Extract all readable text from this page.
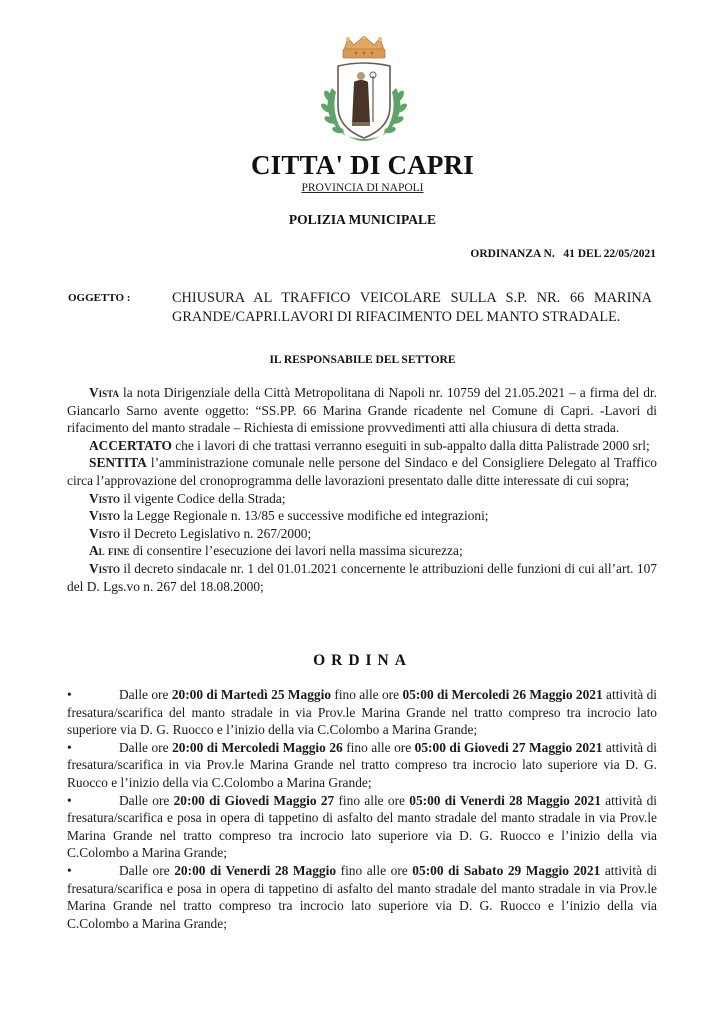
CITTA' DI CAPRI
PROVINCIA DI NAPOLI
POLIZIA MUNICIPALE
ORDINANZA N.   41 DEL 22/05/2021
OGGETTO :	CHIUSURA AL TRAFFICO VEICOLARE SULLA S.P. NR. 66 MARINA GRANDE/CAPRI.LAVORI DI RIFACIMENTO DEL MANTO STRADALE.
IL RESPONSABILE DEL SETTORE

Vista la nota Dirigenziale della Città Metropolitana di Napoli nr. 10759 del 21.05.2021 – a firma del dr. Giancarlo Sarno avente oggetto: “SS.PP. 66 Marina Grande ricadente nel Comune di Capri. -Lavori di rifacimento del manto stradale – Richiesta di emissione provvedimenti atti alla chiusura di detta strada.

ACCERTATO che i lavori di che trattasi verranno eseguiti in sub-appalto dalla ditta Palistrade 2000 srl;

SENTITA l’amministrazione comunale nelle persone del Sindaco e del Consigliere Delegato al Traffico circa l’approvazione del cronoprogramma delle lavorazioni presentato dalle ditte interessate di cui sopra;

Visto il vigente Codice della Strada;

Visto la Legge Regionale n. 13/85 e successive modifiche ed integrazioni;

Visto il Decreto Legislativo n. 267/2000;

Al fine di consentire l’esecuzione dei lavori nella massima sicurezza;

Visto il decreto sindacale nr. 1 del 01.01.2021 concernente le attribuzioni delle funzioni di cui all’art. 107 del D. Lgs.vo n. 267 del 18.08.2000;

ORDINA

•	Dalle ore 20:00 di Martedì 25 Maggio fino alle ore 05:00 di Mercoledi 26 Maggio 2021 attività di fresatura/scarifica del manto stradale in via Prov.le Marina Grande nel tratto compreso tra incrocio lato superiore via D. G. Ruocco e l’inizio della via C.Colombo a Marina Grande;

•	Dalle ore 20:00 di Mercoledi Maggio 26 fino alle ore 05:00 di Giovedi 27 Maggio 2021 attività di fresatura/scarifica in via Prov.le Marina Grande nel tratto compreso tra incrocio lato superiore via D. G. Ruocco e l’inizio della via C.Colombo a Marina Grande;

•	Dalle ore 20:00 di Giovedi Maggio 27 fino alle ore 05:00 di Venerdi 28 Maggio 2021 attività di fresatura/scarifica e posa in opera di tappetino di asfalto del manto stradale del manto stradale in via Prov.le Marina Grande nel tratto compreso tra incrocio lato superiore via D. G. Ruocco e l’inizio della via C.Colombo a Marina Grande;

•	Dalle ore 20:00 di Venerdi 28 Maggio fino alle ore 05:00 di Sabato 29 Maggio 2021 attività di fresatura/scarifica e posa in opera di tappetino di asfalto del manto stradale del manto stradale in via Prov.le Marina Grande nel tratto compreso tra incrocio lato superiore via D. G. Ruocco e l’inizio della via C.Colombo a Marina Grande;
